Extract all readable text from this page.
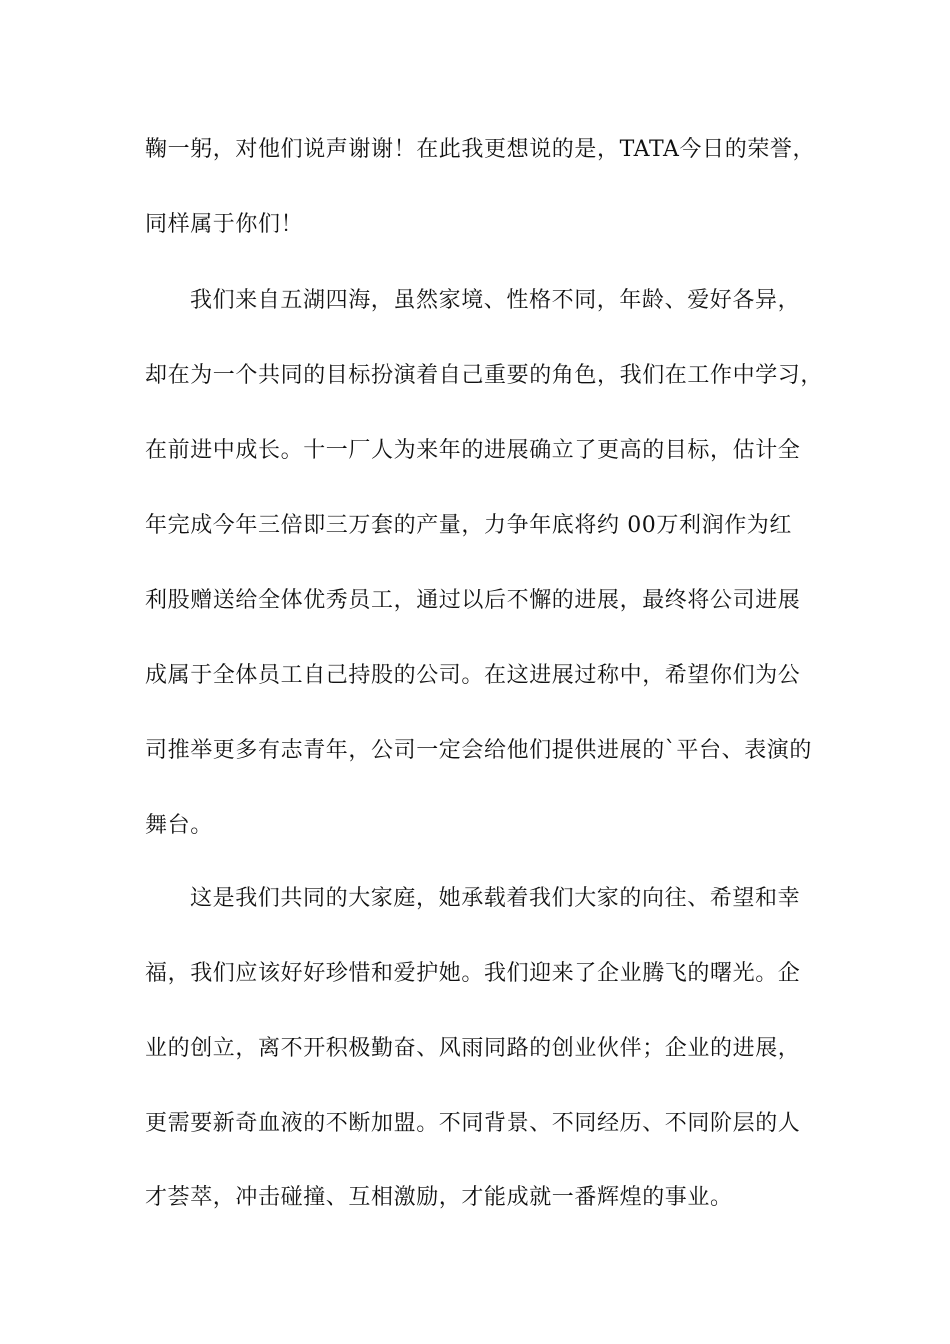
鞠一躬，对他们说声谢谢！在此我更想说的是，TATA今日的荣誉，

同样属于你们！

我们来自五湖四海，虽然家境、性格不同，年龄、爱好各异，

却在为一个共同的目标扮演着自己重要的角色，我们在工作中学习，

在前进中成长。十一厂人为来年的进展确立了更高的目标，估计全

年完成今年三倍即三万套的产量，力争年底将约 00万利润作为红

利股赠送给全体优秀员工，通过以后不懈的进展，最终将公司进展

成属于全体员工自己持股的公司。在这进展过称中，希望你们为公

司推举更多有志青年，公司一定会给他们提供进展的`平台、表演的

舞台。

这是我们共同的大家庭，她承载着我们大家的向往、希望和幸

福，我们应该好好珍惜和爱护她。我们迎来了企业腾飞的曙光。企

业的创立，离不开积极勤奋、风雨同路的创业伙伴；企业的进展，

更需要新奇血液的不断加盟。不同背景、不同经历、不同阶层的人

才荟萃，冲击碰撞、互相激励，才能成就一番辉煌的事业。
